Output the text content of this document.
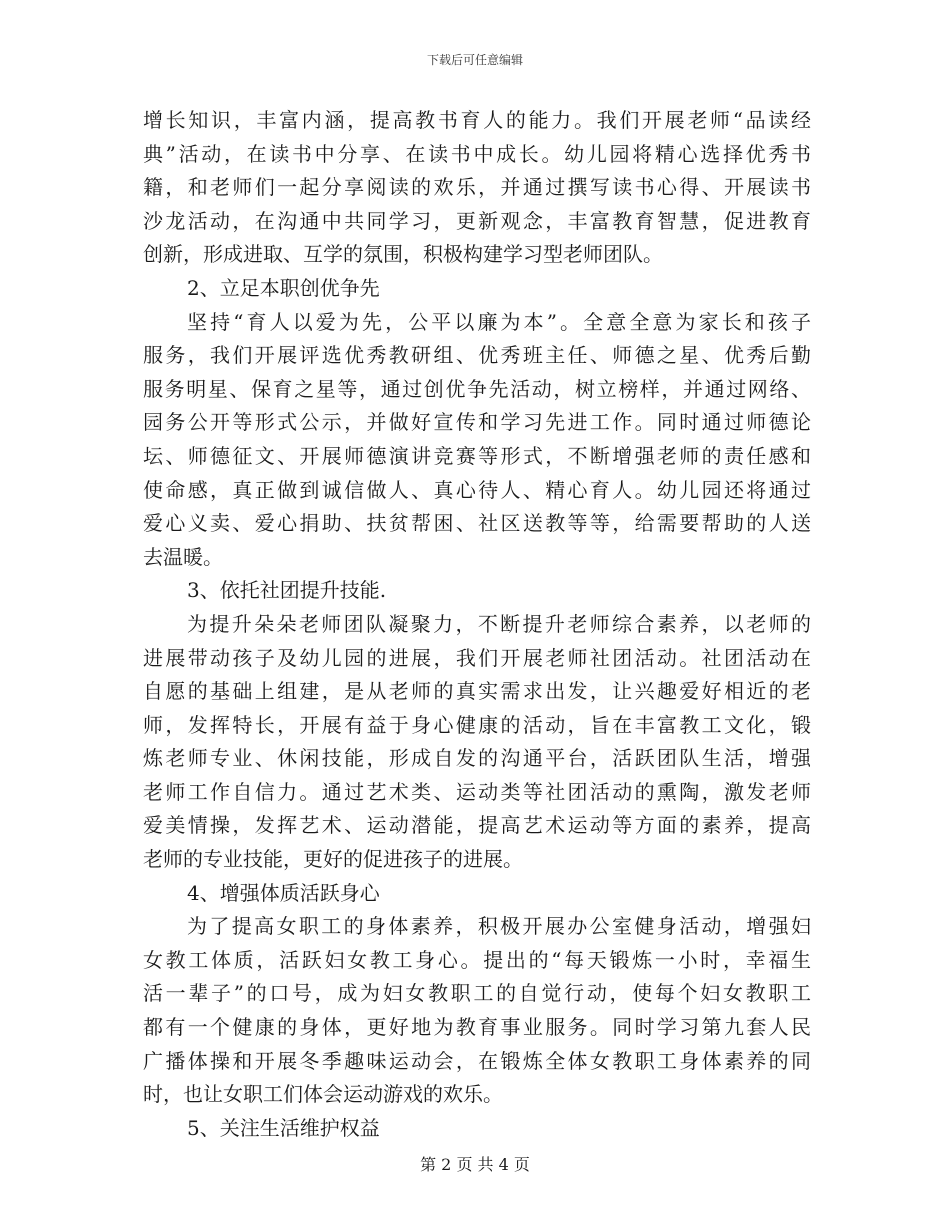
下载后可任意编辑
增长知识，丰富内涵，提高教书育人的能力。我们开展老师“品读经
典”活动，在读书中分享、在读书中成长。幼儿园将精心选择优秀书
籍，和老师们一起分享阅读的欢乐，并通过撰写读书心得、开展读书
沙龙活动，在沟通中共同学习，更新观念，丰富教育智慧，促进教育
创新，形成进取、互学的氛围，积极构建学习型老师团队。
2、立足本职创优争先
坚持“育人以爱为先，公平以廉为本”。全意全意为家长和孩子
服务，我们开展评选优秀教研组、优秀班主任、师德之星、优秀后勤
服务明星、保育之星等，通过创优争先活动，树立榜样，并通过网络、
园务公开等形式公示，并做好宣传和学习先进工作。同时通过师德论
坛、师德征文、开展师德演讲竞赛等形式，不断增强老师的责任感和
使命感，真正做到诚信做人、真心待人、精心育人。幼儿园还将通过
爱心义卖、爱心捐助、扶贫帮困、社区送教等等，给需要帮助的人送
去温暖。
3、依托社团提升技能.
为提升朵朵老师团队凝聚力，不断提升老师综合素养，以老师的
进展带动孩子及幼儿园的进展，我们开展老师社团活动。社团活动在
自愿的基础上组建，是从老师的真实需求出发，让兴趣爱好相近的老
师，发挥特长，开展有益于身心健康的活动，旨在丰富教工文化，锻
炼老师专业、休闲技能，形成自发的沟通平台，活跃团队生活，增强
老师工作自信力。通过艺术类、运动类等社团活动的熏陶，激发老师
爱美情操，发挥艺术、运动潜能，提高艺术运动等方面的素养，提高
老师的专业技能，更好的促进孩子的进展。
4、增强体质活跃身心
为了提高女职工的身体素养，积极开展办公室健身活动，增强妇
女教工体质，活跃妇女教工身心。提出的“每天锻炼一小时，幸福生
活一辈子”的口号，成为妇女教职工的自觉行动，使每个妇女教职工
都有一个健康的身体，更好地为教育事业服务。同时学习第九套人民
广播体操和开展冬季趣味运动会，在锻炼全体女教职工身体素养的同
时，也让女职工们体会运动游戏的欢乐。
5、关注生活维护权益
第 2 页 共 4 页
